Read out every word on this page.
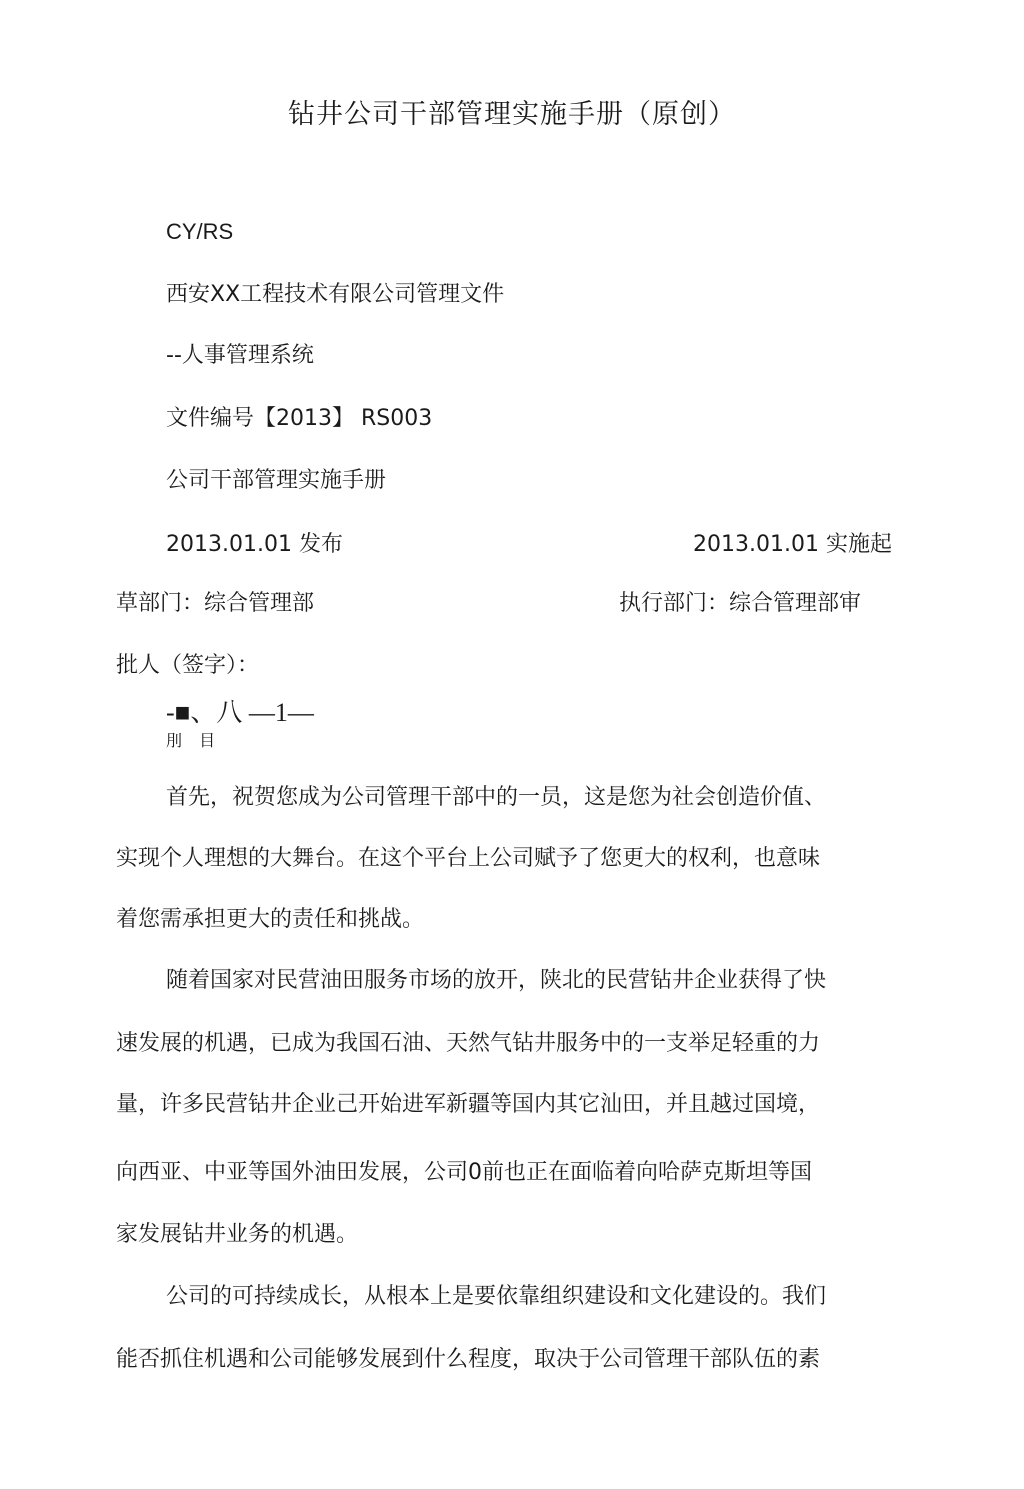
钻井公司干部管理实施手册（原创）
CY/RS
西安XX工程技术有限公司管理文件
--人事管理系统
文件编号【2013】 RS003
公司干部管理实施手册
2013.01.01 发布	2013.01.01 实施起
草部门：综合管理部	执行部门：综合管理部审
批人（签字）：
-■、八 —1—
刖 目
首先，祝贺您成为公司管理干部中的一员，这是您为社会创造价值、
实现个人理想的大舞台。在这个平台上公司赋予了您更大的权利，也意味
着您需承担更大的责任和挑战。
随着国家对民营油田服务市场的放开，陕北的民营钻井企业获得了快
速发展的机遇，已成为我国石油、天然气钻井服务中的一支举足轻重的力
量，许多民营钻井企业己开始进军新疆等国内其它汕田，并且越过国境，
向西亚、中亚等国外油田发展，公司0前也正在面临着向哈萨克斯坦等国
家发展钻井业务的机遇。
公司的可持续成长，从根本上是要依靠组织建设和文化建设的。我们
能否抓住机遇和公司能够发展到什么程度，取决于公司管理干部队伍的素
